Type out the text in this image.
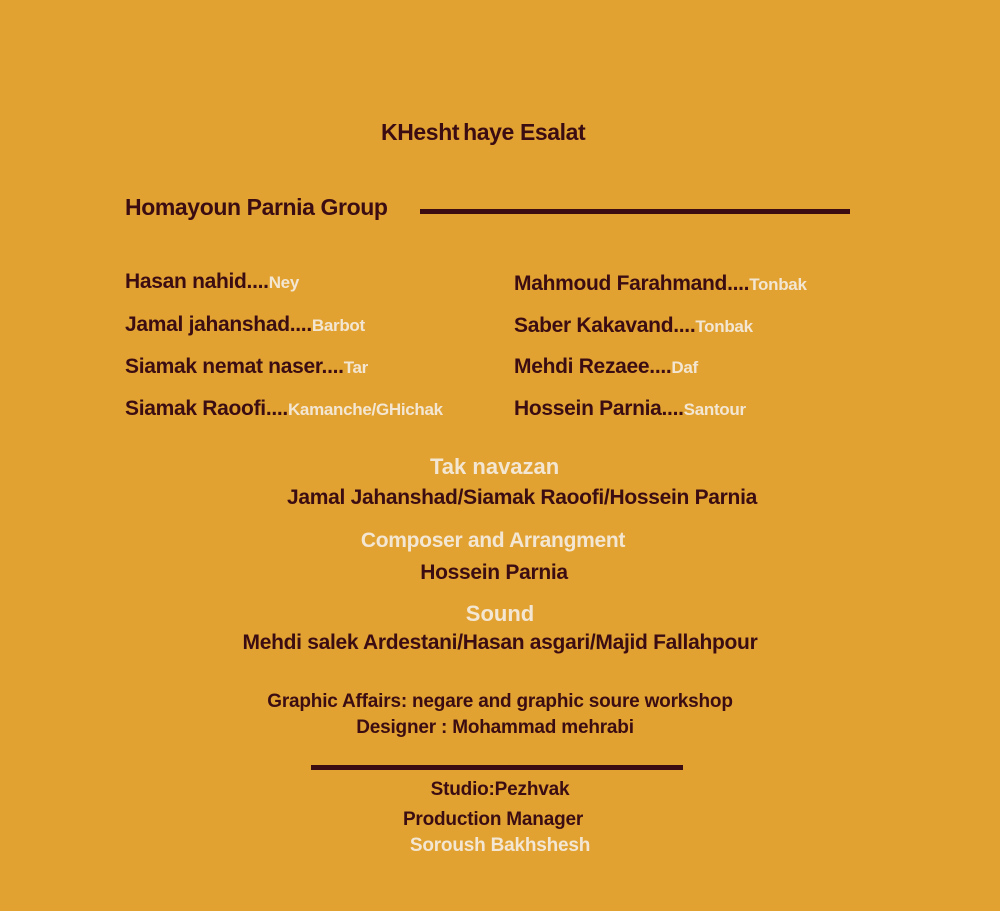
KHesht haye Esalat
Homayoun Parnia Group
Hasan nahid....Ney
Jamal jahanshad....Barbot
Siamak nemat naser....Tar
Siamak Raoofi....Kamanche/GHichak
Mahmoud Farahmand....Tonbak
Saber Kakavand....Tonbak
Mehdi Rezaee....Daf
Hossein Parnia....Santour
Tak navazan
Jamal Jahanshad/Siamak Raoofi/Hossein Parnia
Composer and Arrangment
Hossein Parnia
Sound
Mehdi salek Ardestani/Hasan asgari/Majid Fallahpour
Graphic Affairs: negare and graphic soure workshop
Designer : Mohammad mehrabi
Studio:Pezhvak
Production Manager
Soroush Bakhshesh
